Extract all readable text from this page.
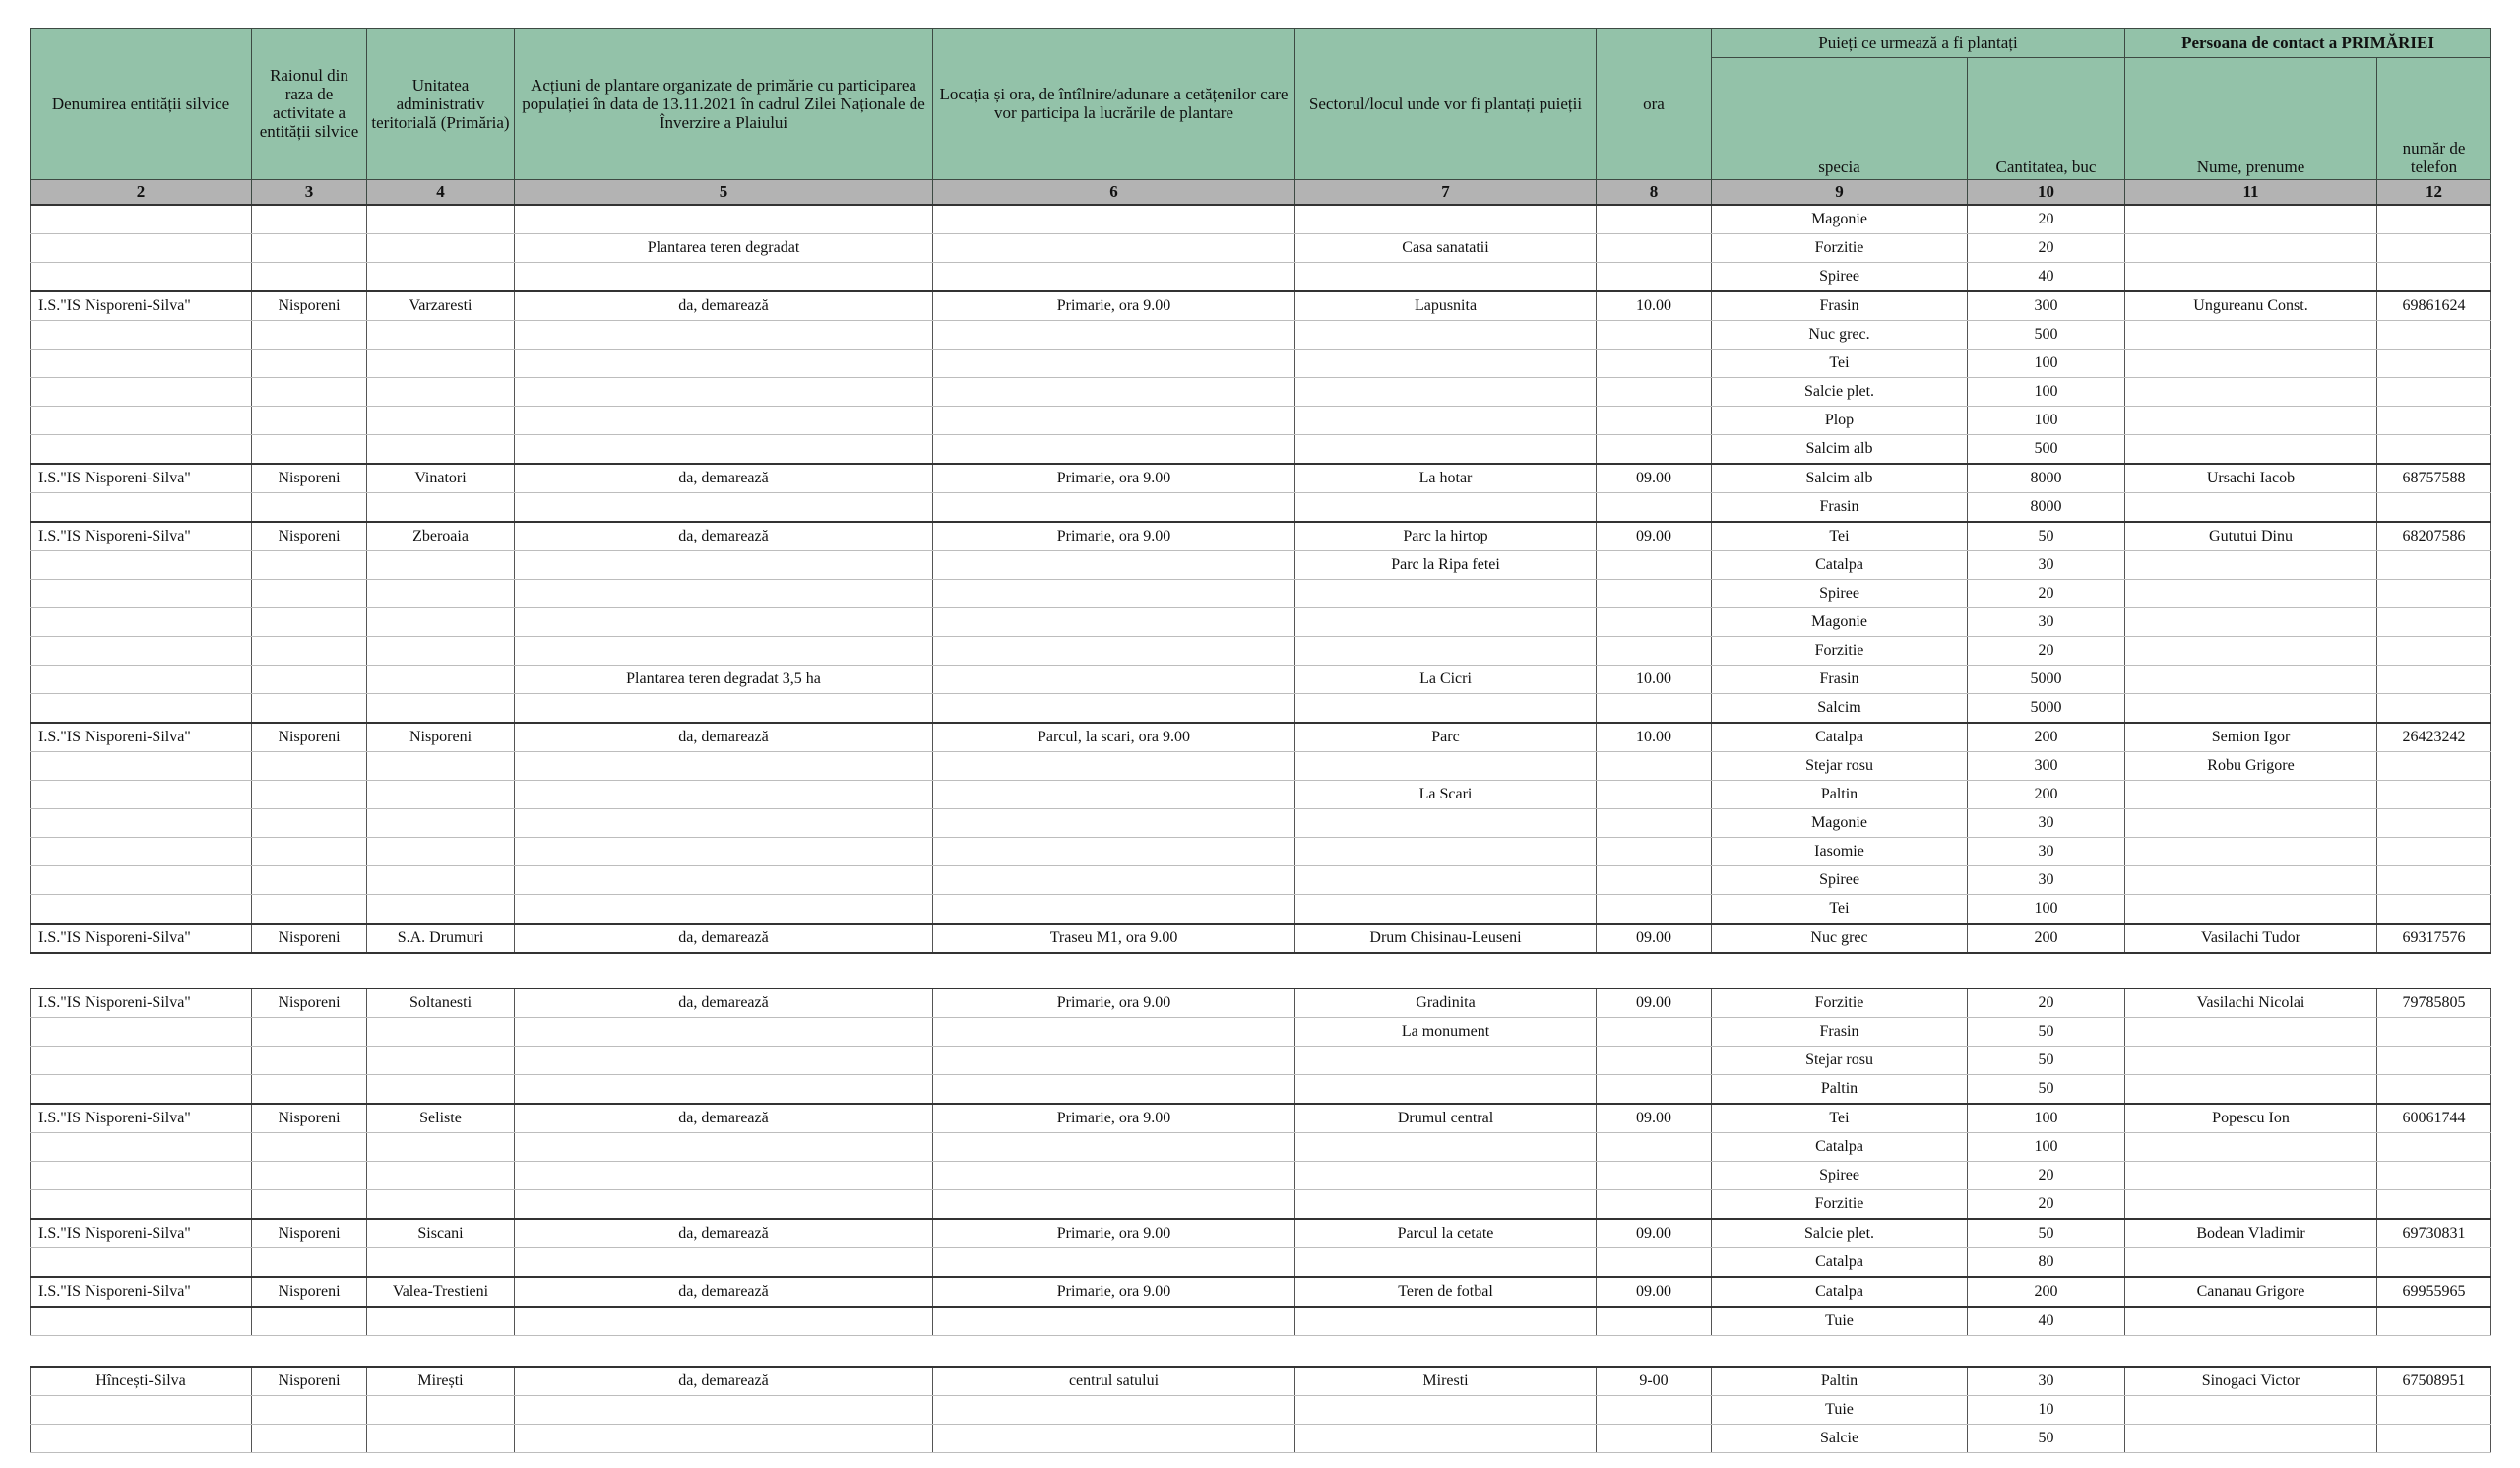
Denumirea entității silvice	Raionul din raza de activitate a entității silvice	Unitatea administrativ teritorială (Primăria)	Acțiuni de plantare organizate de primărie cu participarea populației în data de 13.11.2021 în cadrul Zilei Naționale de Înverzire a Plaiului	Locația și ora, de întîlnire/adunare a cetățenilor care vor participa la lucrările de plantare	Sectorul/locul unde vor fi plantați puieții	ora	Puieți ce urmează a fi plantați		Persoana de contact a PRIMĂRIEI	
							specia	Cantitatea, buc	Nume, prenume	număr de telefon
2	3	4	5	6	7	8	9	10	11	12
							Magonie	20		
			Plantarea teren degradat		Casa sanatatii		Forzitie	20		
							Spiree	40		
I.S."IS Nisporeni-Silva"	Nisporeni	Varzaresti	da, demarează	Primarie, ora 9.00	Lapusnita	10.00	Frasin	300	Ungureanu Const.	69861624
							Nuc grec.	500		
							Tei	100		
							Salcie plet.	100		
							Plop	100		
							Salcim alb	500		
I.S."IS Nisporeni-Silva"	Nisporeni	Vinatori	da, demarează	Primarie, ora 9.00	La hotar	09.00	Salcim alb	8000	Ursachi Iacob	68757588
							Frasin	8000		
I.S."IS Nisporeni-Silva"	Nisporeni	Zberoaia	da, demarează	Primarie, ora 9.00	Parc la hirtop	09.00	Tei	50	Gututui Dinu	68207586
					Parc la Ripa fetei		Catalpa	30		
							Spiree	20		
							Magonie	30		
							Forzitie	20		
			Plantarea teren degradat 3,5 ha		La Cicri	10.00	Frasin	5000		
							Salcim	5000		
I.S."IS Nisporeni-Silva"	Nisporeni	Nisporeni	da, demarează	Parcul, la scari, ora 9.00	Parc	10.00	Catalpa	200	Semion Igor	26423242
							Stejar rosu	300	Robu Grigore	
					La Scari		Paltin	200		
							Magonie	30		
							Iasomie	30		
							Spiree	30		
							Tei	100		
I.S."IS Nisporeni-Silva"	Nisporeni	S.A. Drumuri	da, demarează	Traseu M1, ora 9.00	Drum Chisinau-Leuseni	09.00	Nuc grec	200	Vasilachi Tudor	69317576

I.S."IS Nisporeni-Silva"	Nisporeni	Soltanesti	da, demarează	Primarie, ora 9.00	Gradinita	09.00	Forzitie	20	Vasilachi Nicolai	79785805
					La monument		Frasin	50		
							Stejar rosu	50		
							Paltin	50		
I.S."IS Nisporeni-Silva"	Nisporeni	Seliste	da, demarează	Primarie, ora 9.00	Drumul central	09.00	Tei	100	Popescu Ion	60061744
							Catalpa	100		
							Spiree	20		
							Forzitie	20		
I.S."IS Nisporeni-Silva"	Nisporeni	Siscani	da, demarează	Primarie, ora 9.00	Parcul la cetate	09.00	Salcie plet.	50	Bodean Vladimir	69730831
							Catalpa	80		
I.S."IS Nisporeni-Silva"	Nisporeni	Valea-Trestieni	da, demarează	Primarie, ora 9.00	Teren de fotbal	09.00	Catalpa	200	Cananau Grigore	69955965
							Tuie	40		

Hîncești-Silva	Nisporeni	Mirești	da, demarează	centrul satului	Miresti	9-00	Paltin	30	Sinogaci Victor	67508951
							Tuie	10		
							Salcie	50		
